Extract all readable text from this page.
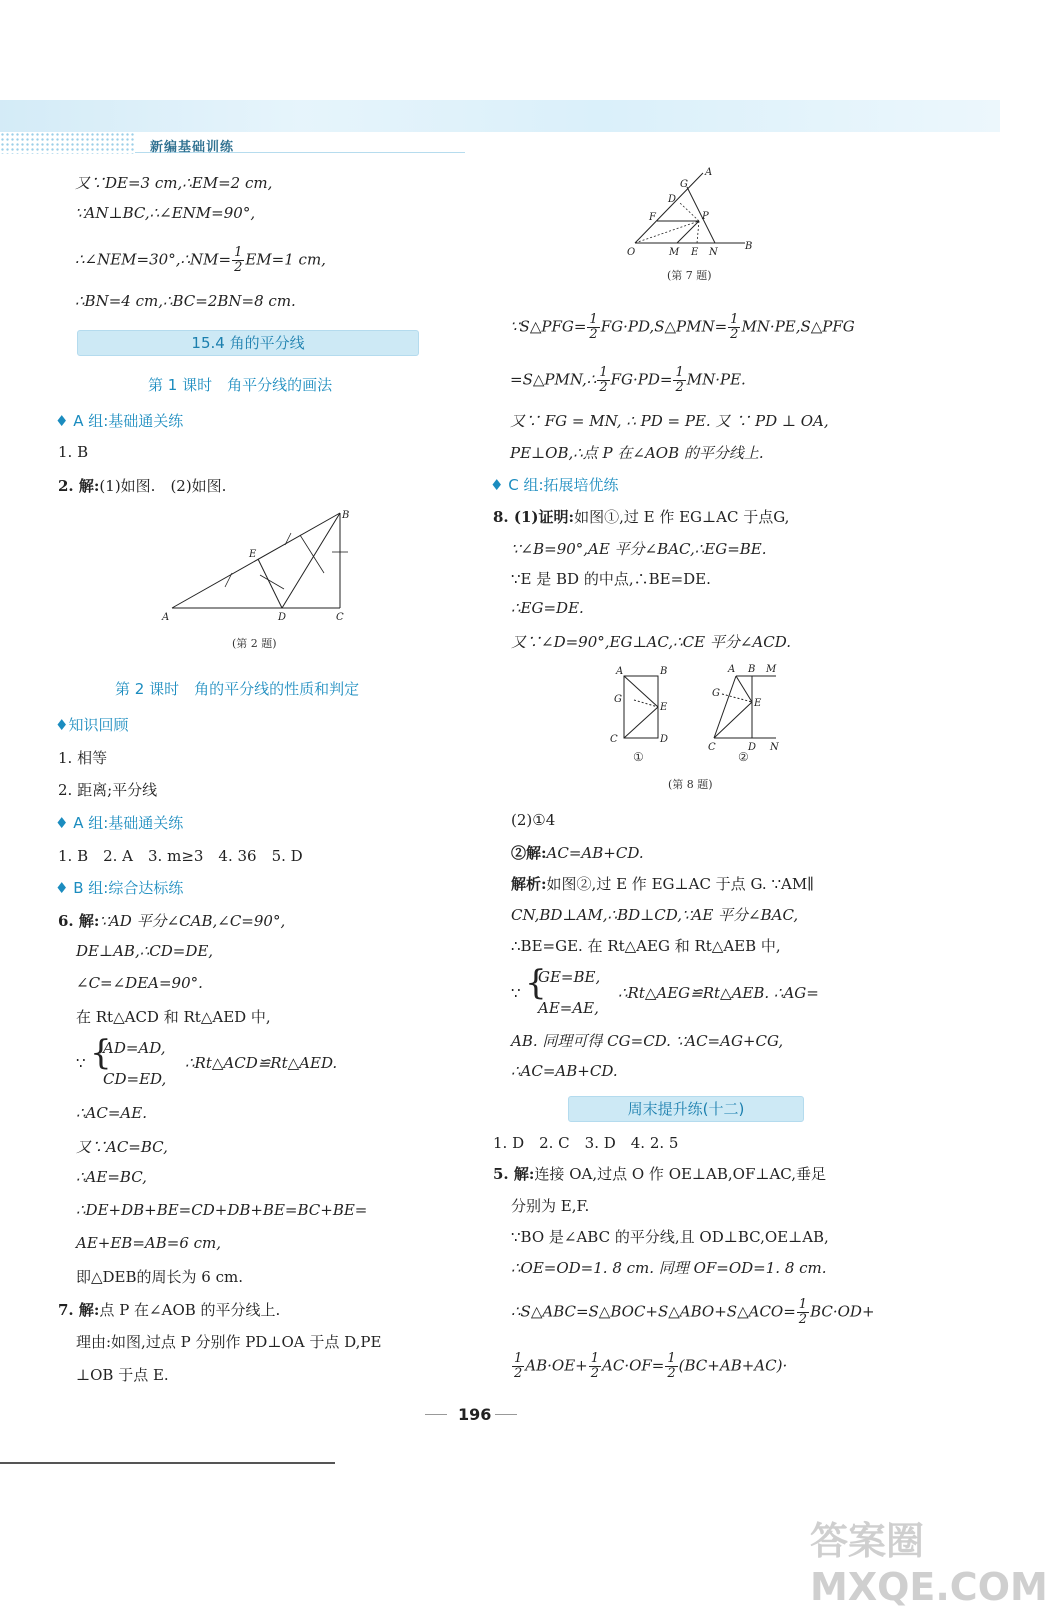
新编基础训练
又∵DE=3 cm,∴EM=2 cm,
∵AN⊥BC,∴∠ENM=90°,
∴∠NEM=30°,∴NM= $\frac{1}{2} EM=1$ cm,
∴BN=4 cm,∴BC=2BN=8 cm.
15.4 角的平分线
第 1 课时　角平分线的画法
♦ A 组:基础通关练
1. B
2. 解:(1)如图.　(2)如图.
A
B
C
D
E
(第 2 题)
第 2 课时　角的平分线的性质和判定
♦知识回顾
1. 相等
2. 距离;平分线
♦ A 组:基础通关练
1. B　2. A　3. m≥3　4. 36　5. D
♦ B 组:综合达标练
6. 解:∵AD 平分∠CAB,∠C=90°,
DE⊥AB,∴CD=DE,
∠C=∠DEA=90°.
在 Rt△ACD 和 Rt△AED 中,
∵ {
AD=AD,
CD=ED,
∴Rt△ACD≌Rt△AED.
∴AC=AE.
又∵AC=BC,
∴AE=BC,
∴DE+DB+BE=CD+DB+BE=BC+BE=
AE+EB=AB=6 cm,
即△DEB的周长为 6 cm.
7. 解:点 P 在∠AOB 的平分线上.
理由:如图,过点 P 分别作 PD⊥OA 于点 D,PE
⊥OB 于点 E.
O
B
A
G
D
F	P
M E N
(第 7 题)
∵S△PFG= $\frac{1}{2}$ FG·PD,S△PMN= $\frac{1}{2}$ MN·PE,S△PFG
=S△PMN,∴ $\frac{1}{2} FG\cdot PD= \frac{1}{2} MN\cdot PE$.
又∵ FG = MN, ∴ PD = PE. 又 ∵ PD ⊥ OA,
PE⊥OB,∴点 P 在∠AOB 的平分线上.
♦ C 组:拓展培优练
8. (1)证明:如图①,过 E 作 EG⊥AC 于点G,
∵∠B=90°,AE 平分∠BAC,∴EG=BE.
∵E 是 BD 的中点,∴BE=DE.
∴EG=DE.
又∵∠D=90°,EG⊥AC,∴CE 平分∠ACD.
A	B
E
G
C	D
A B M
G
E
C	D N
①	②
(第 8 题)
(2)①4
②解:AC=AB+CD.
解析:如图②,过 E 作 EG⊥AC 于点 G. ∵AM∥
CN,BD⊥AM,∴BD⊥CD,∵AE 平分∠BAC,
∴BE=GE. 在 Rt△AEG 和 Rt△AEB 中,
∵ {
GE=BE,
AE=AE,
∴Rt△AEG≌Rt△AEB. ∴AG=
AB. 同理可得 CG=CD. ∵AC=AG+CG,
∴AC=AB+CD.
周末提升练(十二)
1. D　2. C　3. D　4. 2. 5
5. 解:连接 OA,过点 O 作 OE⊥AB,OF⊥AC,垂足
分别为 E,F.
∵BO 是∠ABC 的平分线,且 OD⊥BC,OE⊥AB,
∴OE=OD=1. 8 cm. 同理 OF=OD=1. 8 cm.
∴S△ABC=S△BOC+S△ABO+S△ACO= $\frac{1}{2} BC\cdot OD+$
$\frac{1}{2} AB\cdot OE+ \frac{1}{2} AC\cdot OF= \frac{1}{2} (BC+AB+AC)\cdot$
196
答案圈 MXQE.COM
